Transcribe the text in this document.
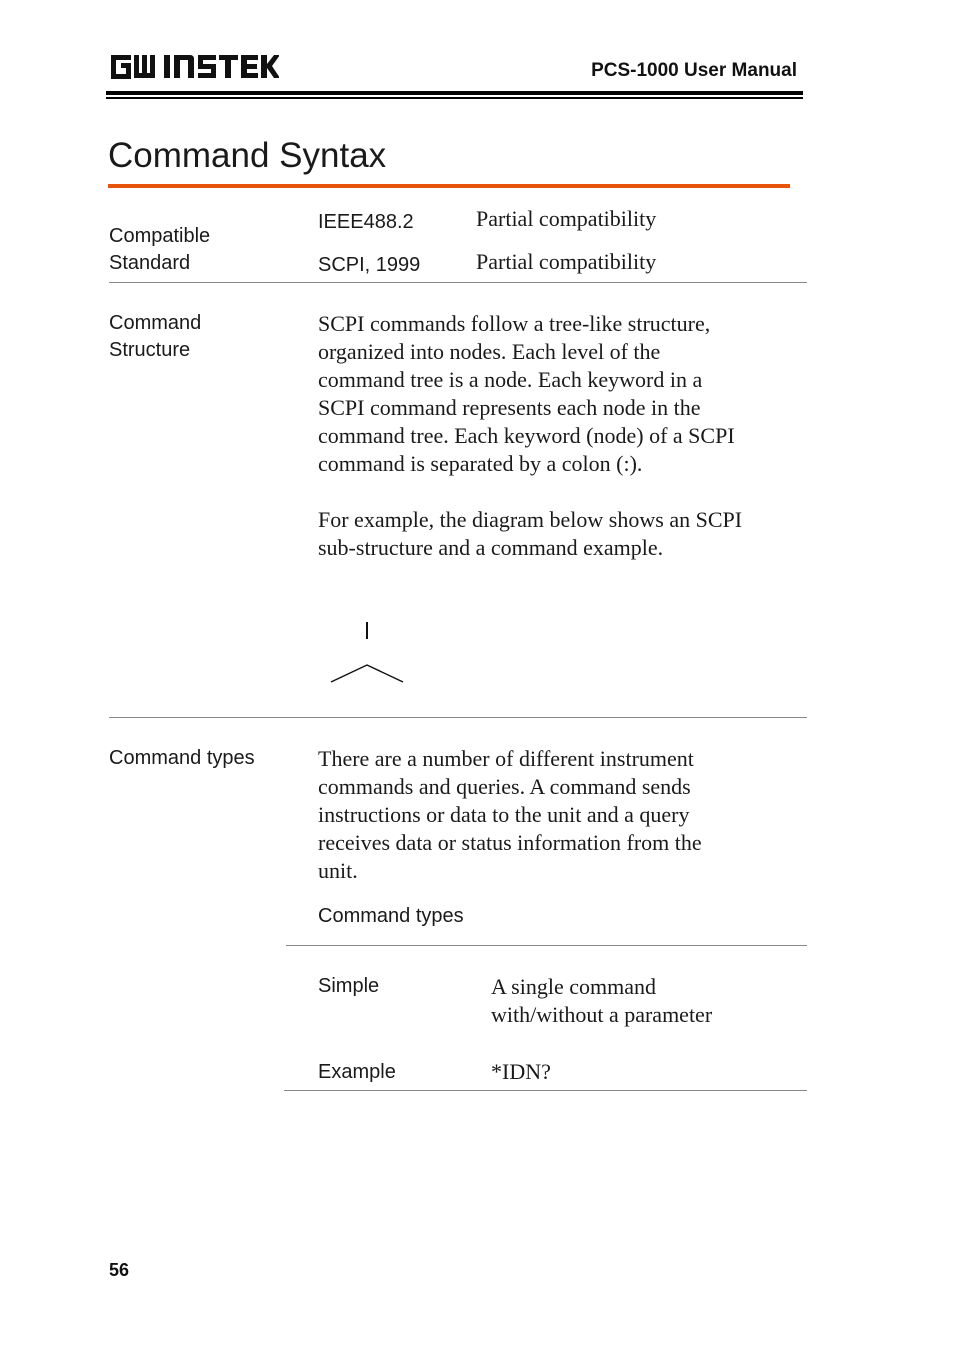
PCS-1000 User Manual
Command Syntax
Compatible
Standard
IEEE488.2	Partial compatibility
SCPI, 1999	Partial compatibility
Command
Structure
SCPI commands follow a tree-like structure,
organized into nodes. Each level of the
command tree is a node. Each keyword in a
SCPI command represents each node in the
command tree. Each keyword (node) of a SCPI
command is separated by a colon (:).
For example, the diagram below shows an SCPI
sub-structure and a command example.
Command types	There are a number of different instrument
commands and queries. A command sends
instructions or data to the unit and a query
receives data or status information from the
unit.
Command types
Simple	A single command
with/without a parameter
Example	*IDN?
56
